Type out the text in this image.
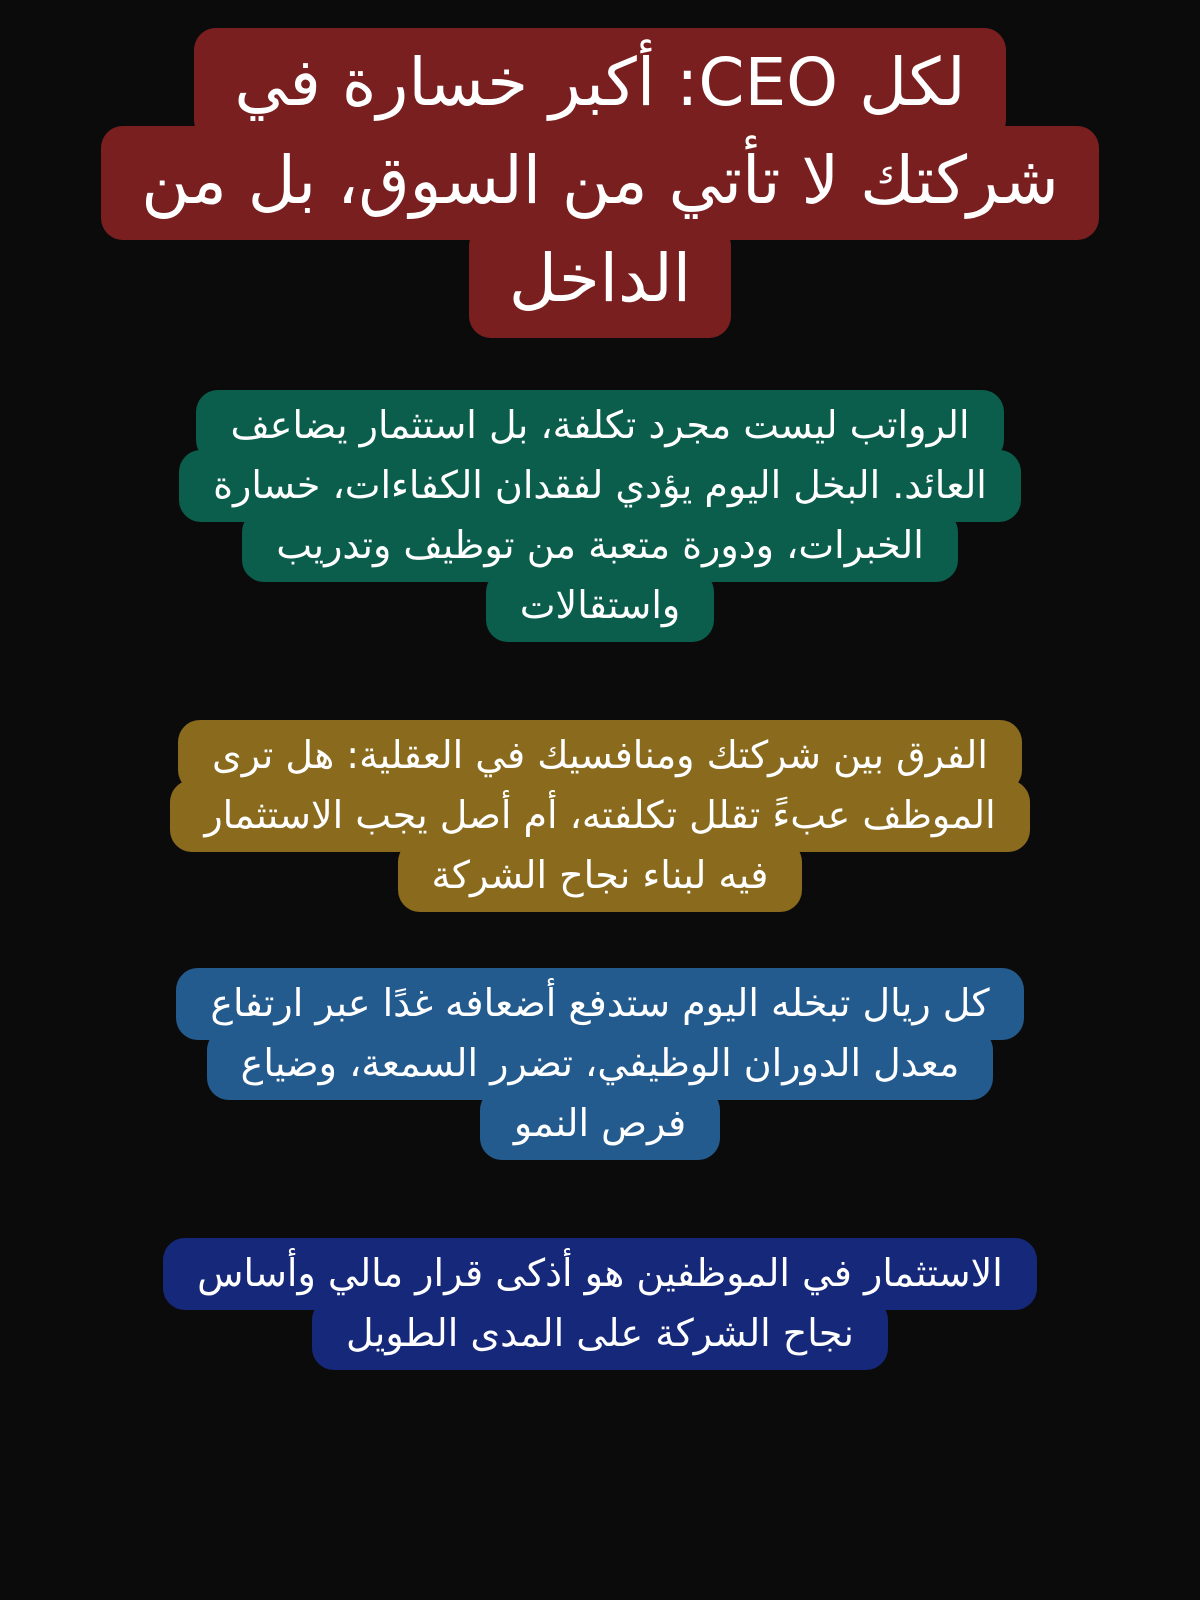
لكل CEO: أكبر خسارة في
شركتك لا تأتي من السوق، بل من
الداخل
الرواتب ليست مجرد تكلفة، بل استثمار يضاعف
العائد. البخل اليوم يؤدي لفقدان الكفاءات، خسارة
الخبرات، ودورة متعبة من توظيف وتدريب
واستقالات
الفرق بين شركتك ومنافسيك في العقلية: هل ترى
الموظف عبءً تقلل تكلفته، أم أصل يجب الاستثمار
فيه لبناء نجاح الشركة
كل ريال تبخله اليوم ستدفع أضعافه غدًا عبر ارتفاع
معدل الدوران الوظيفي، تضرر السمعة، وضياع
فرص النمو
الاستثمار في الموظفين هو أذكى قرار مالي وأساس
نجاح الشركة على المدى الطويل
